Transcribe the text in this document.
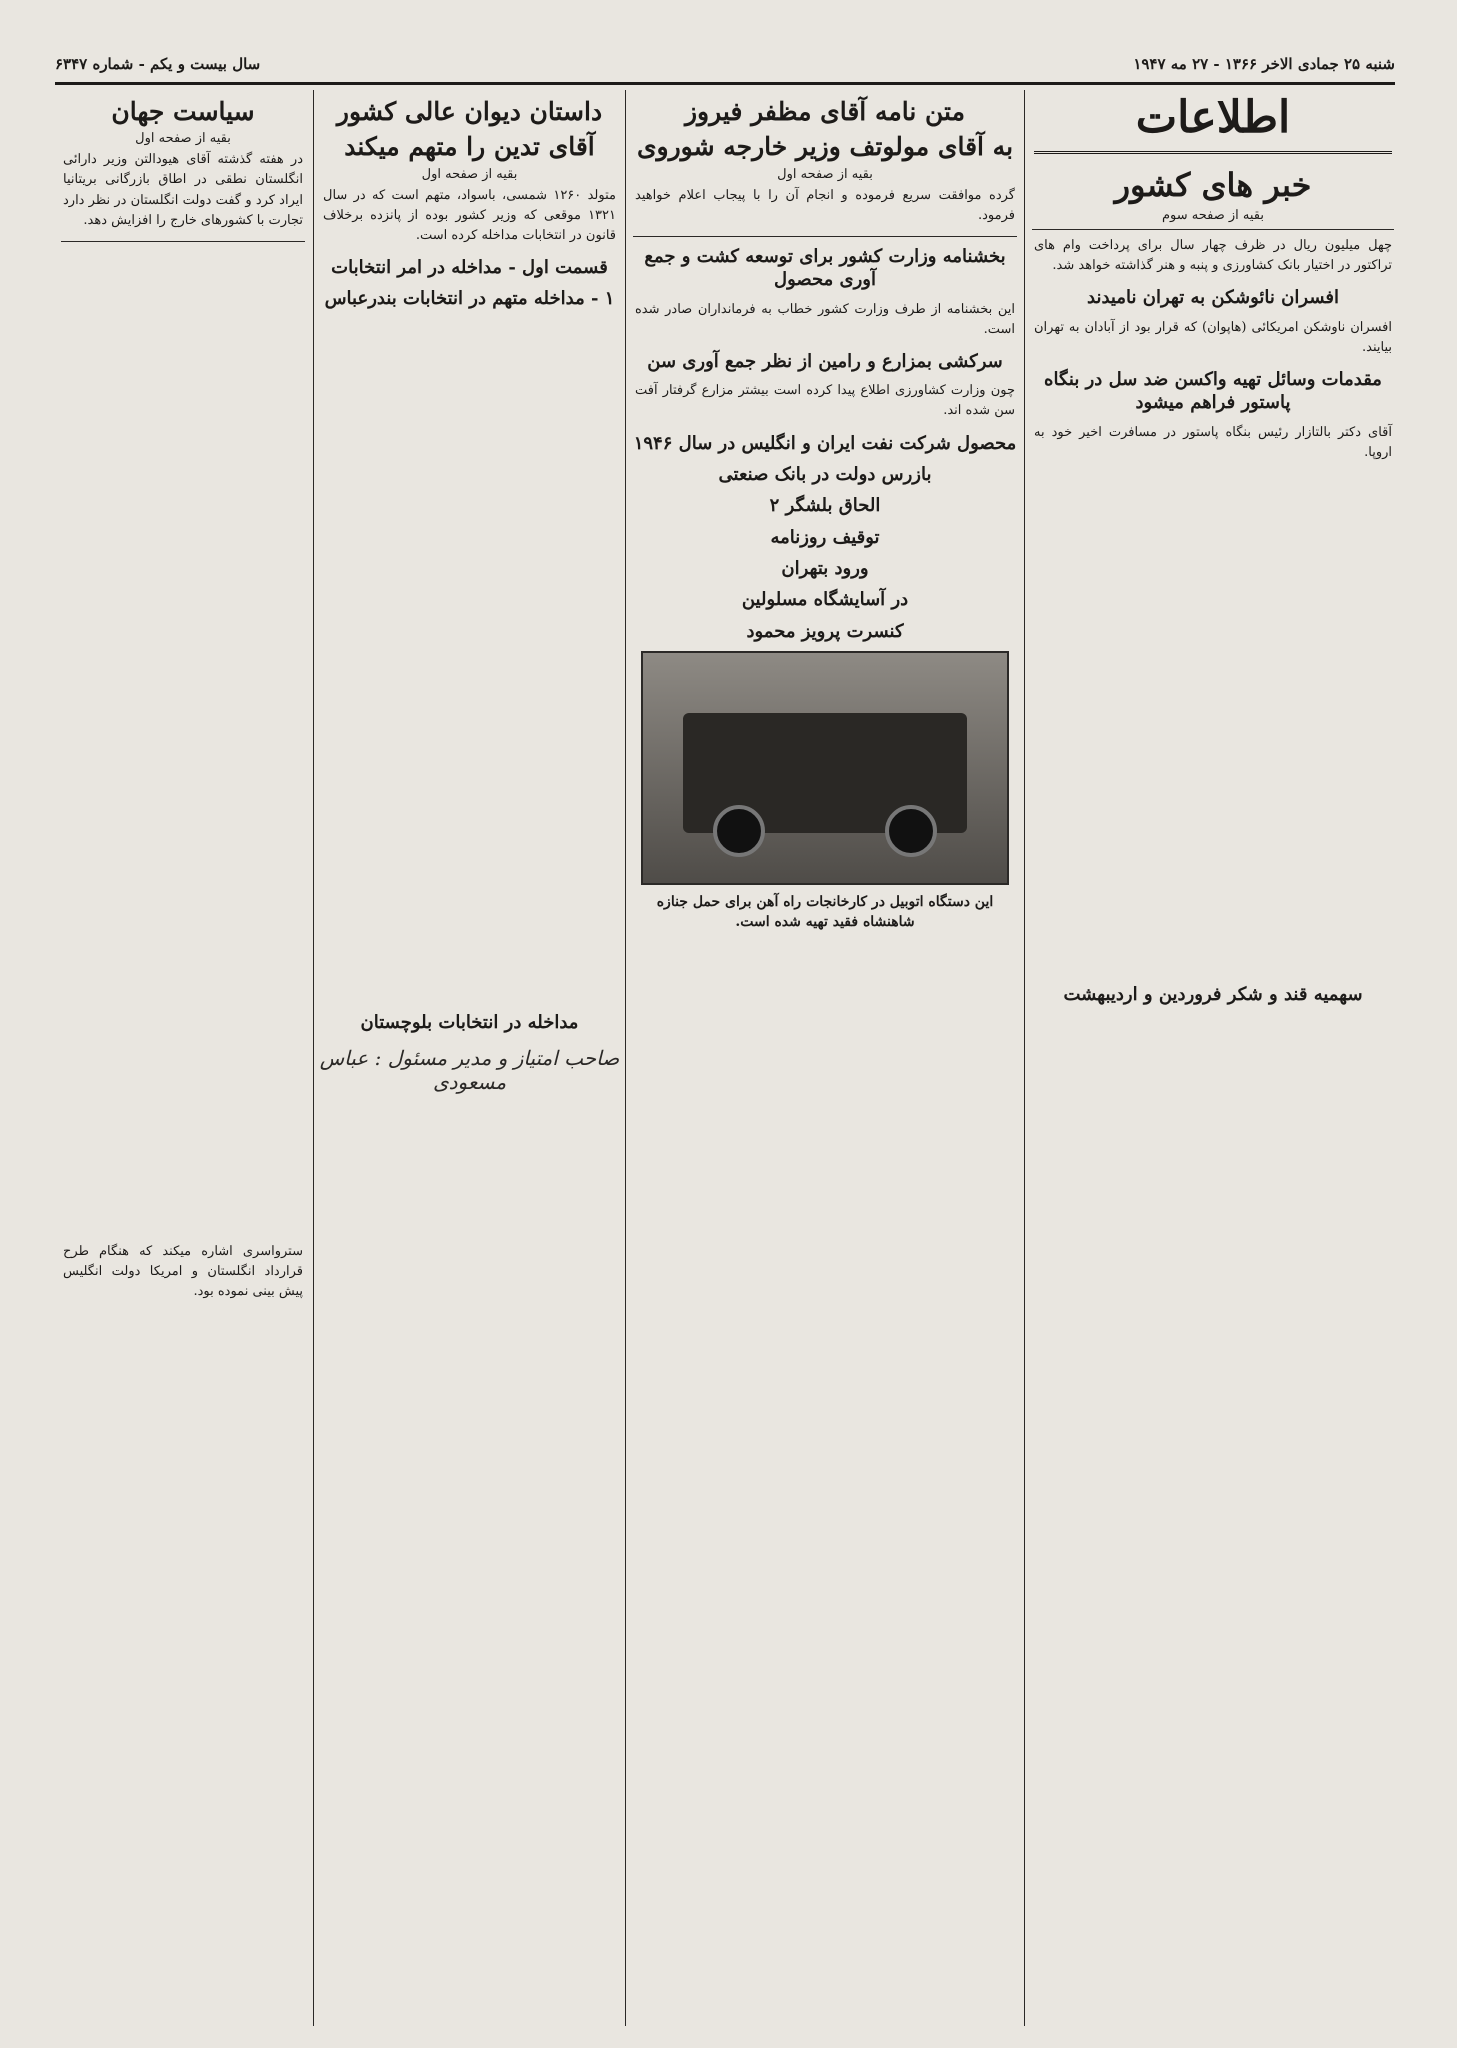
شنبه ۲۵ جمادی الاخر ۱۳۶۶ - ۲۷ مه ۱۹۴۷
سال بیست و یکم - شماره ۶۳۴۷
اطلاعات
خبر های کشور
بقیه از صفحه سوم
چهل میلیون ریال در ظرف چهار سال برای پرداخت وام های تراکتور در اختیار بانک کشاورزی و پنبه و هنر گذاشته خواهد شد.
افسران نائوشکن به تهران نامیدند
افسران ناوشکن امریکائی (هاپوان) که قرار بود از آبادان به تهران بیایند.
مقدمات وسائل تهیه واکسن ضد سل در بنگاه پاستور فراهم میشود
آقای دکتر بالتازار رئیس بنگاه پاستور در مسافرت اخیر خود به اروپا.
سهمیه قند و شکر فروردین و اردیبهشت
متن نامه آقای مظفر فیروز
به آقای مولوتف وزیر خارجه شوروی
بقیه از صفحه اول
گرده موافقت سریع فرموده و انجام آن را با پیجاب اعلام خواهید فرمود.
بخشنامه وزارت کشور برای توسعه کشت و جمع آوری محصول
این بخشنامه از طرف وزارت کشور خطاب به فرمانداران صادر شده است.
سرکشی بمزارع و رامین از نظر جمع آوری سن
چون وزارت کشاورزی اطلاع پیدا کرده است بیشتر مزارع گرفتار آفت سن شده اند.
محصول شرکت نفت ایران و انگلیس در سال ۱۹۴۶
بازرس دولت در بانک صنعتی
الحاق بلشگر ۲
توقیف روزنامه
ورود بتهران
در آسایشگاه مسلولین
کنسرت پرویز محمود
این دستگاه اتوبیل در کارخانجات راه آهن برای حمل جنازه شاهنشاه فقید تهیه شده است.
داستان دیوان عالی کشور
آقای تدین را متهم میکند
بقیه از صفحه اول
متولد ۱۲۶۰ شمسی، باسواد، متهم است که در سال ۱۳۲۱ موقعی که وزیر کشور بوده از پانزده برخلاف قانون در انتخابات مداخله کرده است.
قسمت اول - مداخله در امر انتخابات
۱ - مداخله متهم در انتخابات بندرعباس
مداخله در انتخابات بلوچستان
صاحب امتیاز و مدیر مسئول : عباس مسعودی
سیاست جهان
بقیه از صفحه اول
در هفته گذشته آقای هیودالتن وزیر دارائی انگلستان نطقی در اطاق بازرگانی بریتانیا ایراد کرد و گفت دولت انگلستان در نظر دارد تجارت با کشورهای خارج را افزایش دهد.
سترواسری اشاره میکند که هنگام طرح قرارداد انگلستان و امریکا دولت انگلیس پیش بینی نموده بود.
